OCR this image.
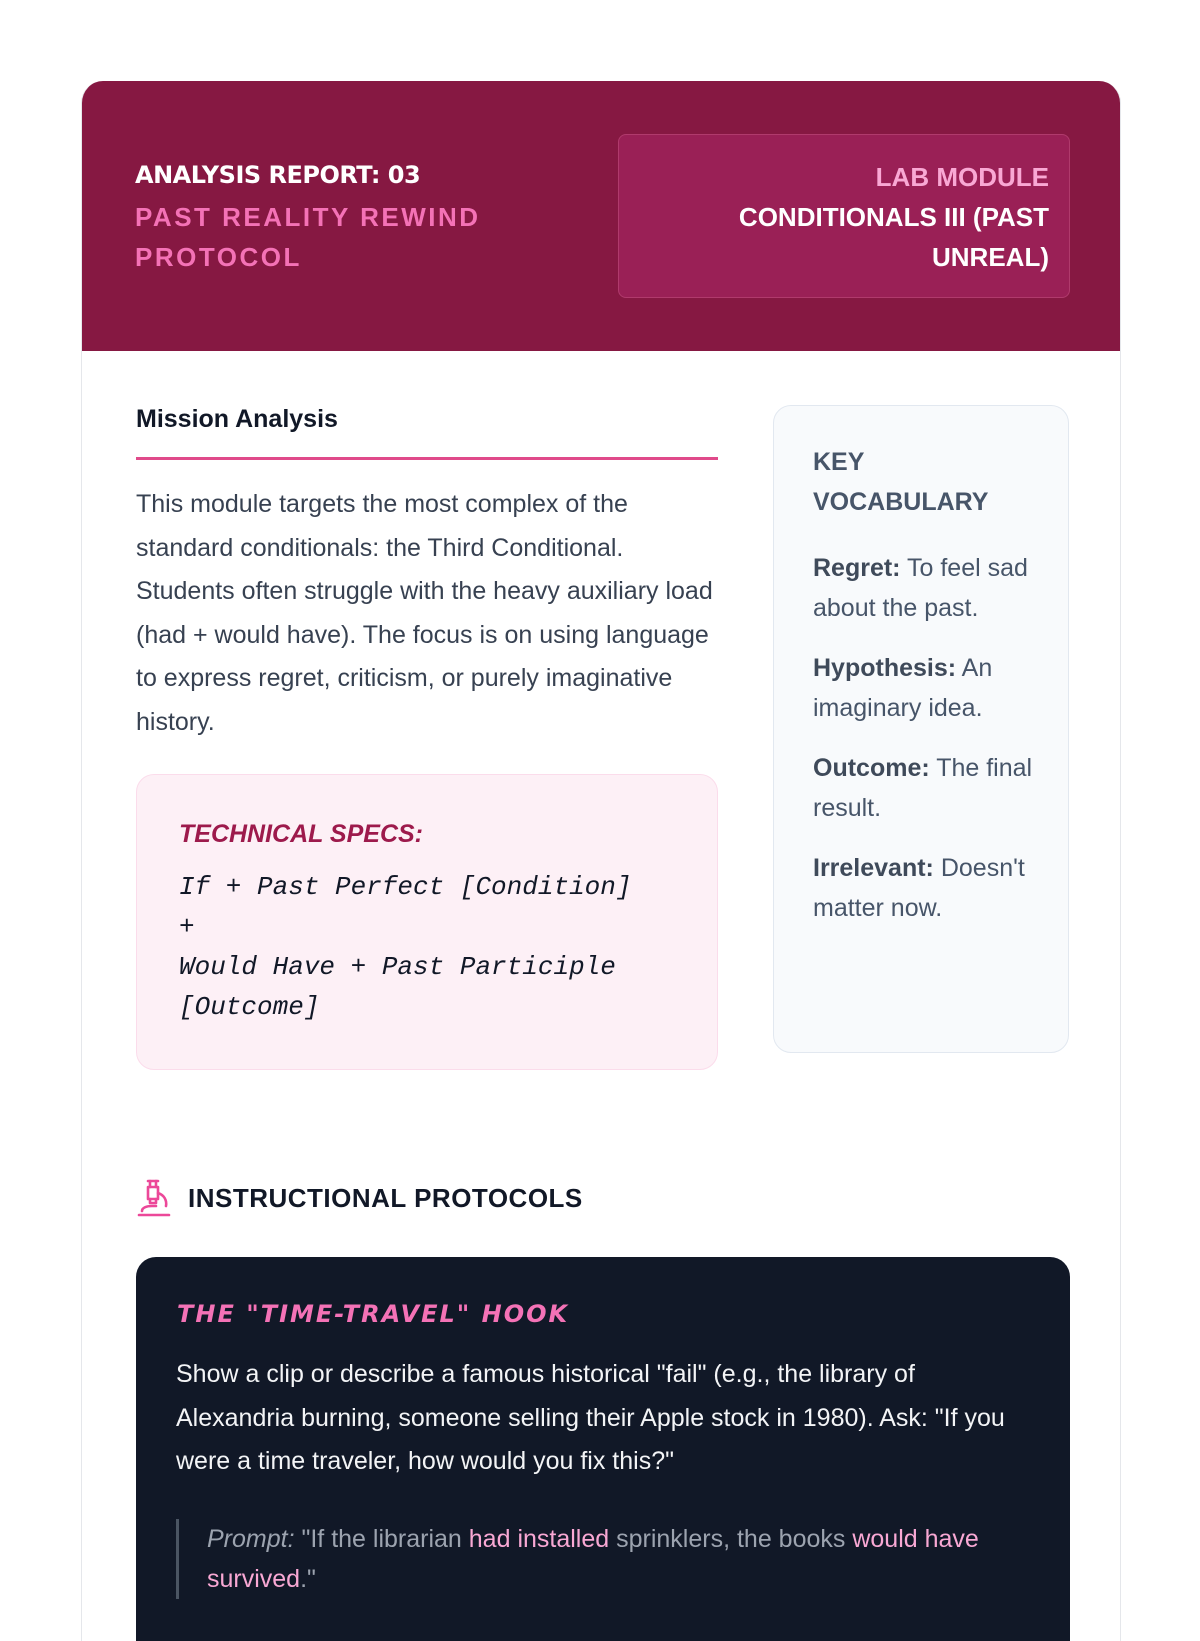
ANALYSIS REPORT: 03
PAST REALITY REWIND PROTOCOL
LAB MODULE
CONDITIONALS III (PAST UNREAL)
Mission Analysis

This module targets the most complex of the standard conditionals: the Third Conditional. Students often struggle with the heavy auxiliary load (had + would have). The focus is on using language to express regret, criticism, or purely imaginative history.

TECHNICAL SPECS:
If + Past Perfect [Condition]
+
Would Have + Past Participle
[Outcome]
KEY VOCABULARY
Regret: To feel sad about the past.
Hypothesis: An imaginary idea.
Outcome: The final result.
Irrelevant: Doesn't matter now.
INSTRUCTIONAL PROTOCOLS
THE "TIME-TRAVEL" HOOK

Show a clip or describe a famous historical "fail" (e.g., the library of Alexandria burning, someone selling their Apple stock in 1980). Ask: "If you were a time traveler, how would you fix this?"

Prompt: "If the librarian had installed sprinklers, the books would have survived."
